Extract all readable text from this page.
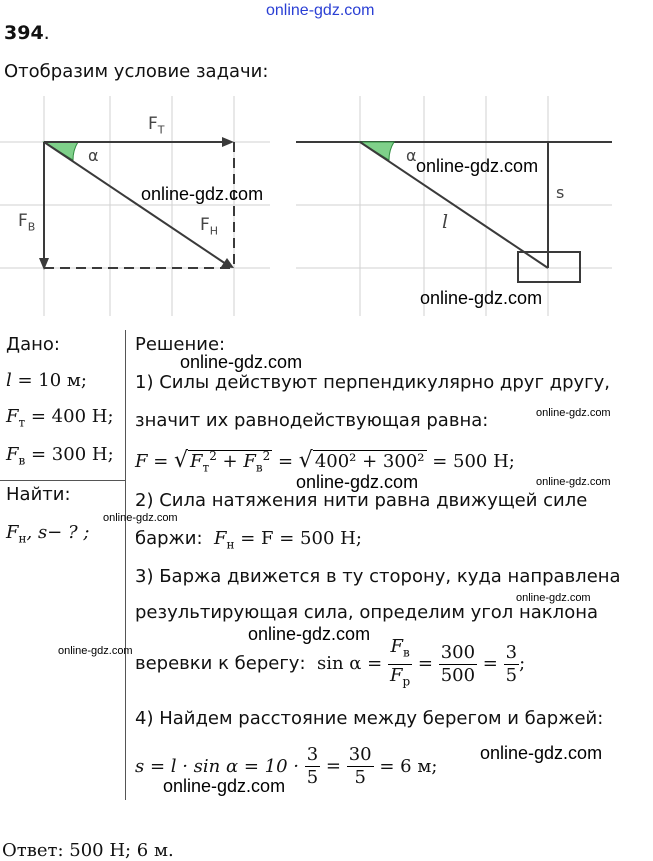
online-gdz.com
394.
Отобразим условие задачи:
$F_T$
α
$F_B$	$F_H$
α
l
s
online-gdz.com
online-gdz.com
online-gdz.com
Дано:
l = 10 м;
$F_т = 400$ Н;
$F_в = 300$ Н;
Найти:
$F_н$, s− ? ;
Решение:
1) Силы действуют перпендикулярно друг другу,
значит их равнодействующая равна:
F = √ $F_т^2 + F_в^2$ = √ 400² + 300² = 500 Н;
2) Сила натяжения нити равна движущей силе
баржи: $F_н = F = 500$ Н;
3) Баржа движется в ту сторону, куда направлена
результирующая сила, определим угол наклона
веревки к берегу: $\sin \alpha = \frac{F_в}{F_р} = \frac{300}{500} = \frac{3}{5}$ ;
4) Найдем расстояние между берегом и баржей:
$s = l \cdot \sin \alpha = 10 \cdot \frac{3}{5} = \frac{30}{5} = 6$ м;
Ответ: 500 Н; 6 м.
online-gdz.com
online-gdz.com
online-gdz.com	online-gdz.com
online-gdz.com
online-gdz.com
online-gdz.com
online-gdz.com
online-gdz.com
online-gdz.com
